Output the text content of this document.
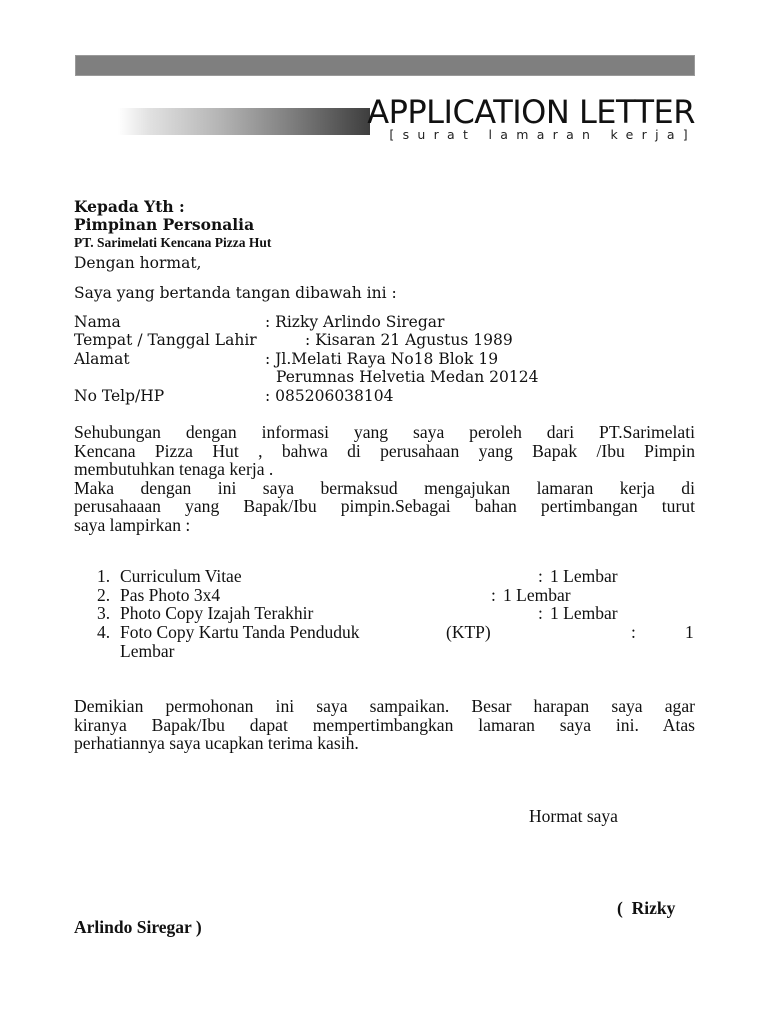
APPLICATION LETTER
[surat lamaran kerja]
Kepada Yth :
Pimpinan Personalia
PT. Sarimelati Kencana Pizza Hut
Dengan hormat,
Saya yang bertanda tangan dibawah ini :
Nama	: Rizky Arlindo Siregar
Tempat / Tanggal Lahir	: Kisaran 21 Agustus 1989
Alamat	: Jl.Melati Raya No18 Blok 19
Perumnas Helvetia Medan 20124
No Telp/HP	: 085206038104
Sehubungan dengan informasi yang saya peroleh dari PT.Sarimelati
Kencana Pizza Hut , bahwa di perusahaan yang Bapak /Ibu Pimpin
membutuhkan tenaga kerja .
Maka dengan ini saya bermaksud mengajukan lamaran kerja di
perusahaaan yang Bapak/Ibu pimpin.Sebagai bahan pertimbangan turut
saya lampirkan :
1. Curriculum Vitae	: 1 Lembar
2. Pas Photo 3x4	: 1 Lembar
3. Photo Copy Izajah Terakhir	: 1 Lembar
4. Foto Copy Kartu Tanda Penduduk	(KTP)	:	1
Lembar
Demikian permohonan ini saya sampaikan. Besar harapan saya agar
kiranya Bapak/Ibu dapat mempertimbangkan lamaran saya ini. Atas
perhatiannya saya ucapkan terima kasih.
Hormat saya
(  Rizky
Arlindo Siregar )
